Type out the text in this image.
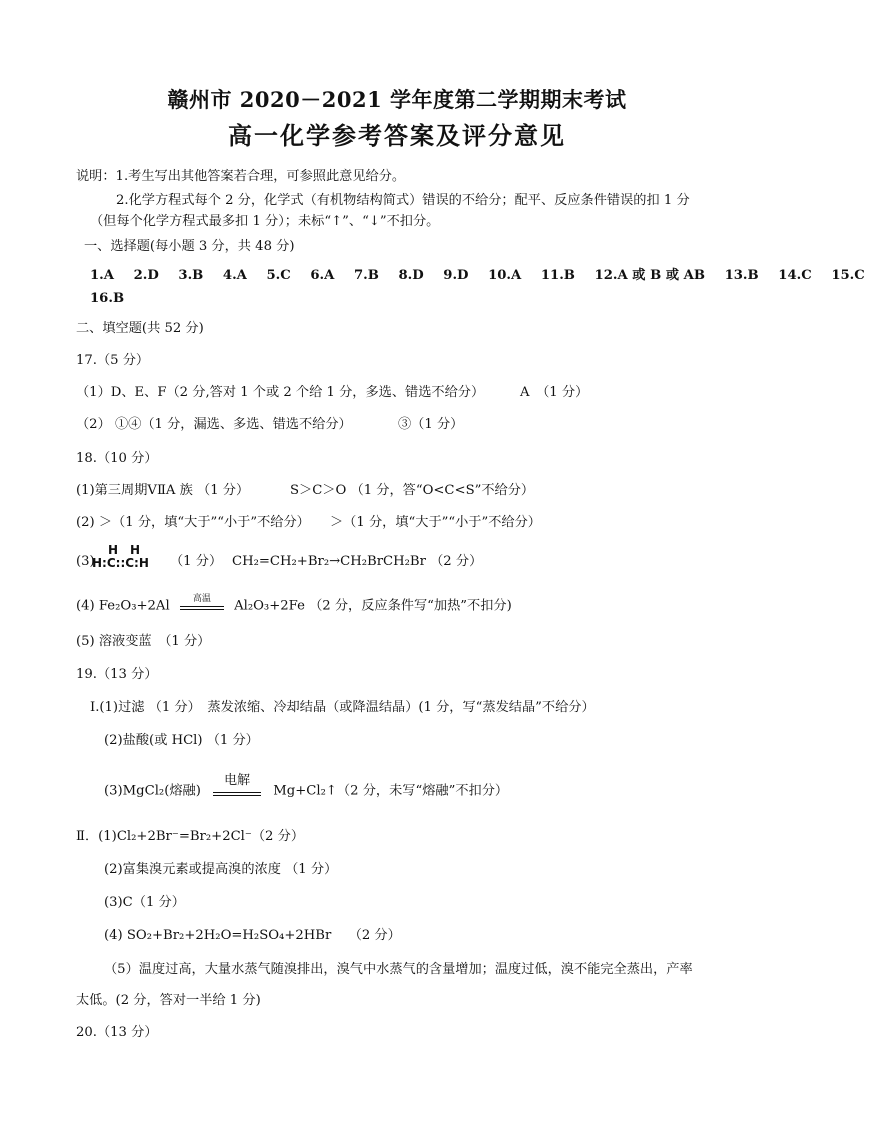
赣州市 2020－2021 学年度第二学期期末考试
高一化学参考答案及评分意见
说明：1.考生写出其他答案若合理，可参照此意见给分。
2.化学方程式每个 2 分，化学式（有机物结构简式）错误的不给分；配平、反应条件错误的扣 1 分
（但每个化学方程式最多扣 1 分）；未标“↑”、“↓”不扣分。
一、选择题(每小题 3 分，共 48 分)
1.A 2.D 3.B 4.A 5.C 6.A 7.B 8.D 9.D 10.A 11.B 12.A 或 B 或 AB 13.B 14.C 15.C
16.B
二、填空题(共 52 分)
17.（5 分）
（1）D、E、F（2 分,答对 1 个或 2 个给 1 分，多选、错选不给分）	A　（1 分）
（2） ①④（1 分，漏选、多选、错选不给分）	③（1 分）
18.（10 分）
(1)第三周期ⅤⅡA 族 （1 分）	S＞C＞O （1 分，答“O<C<S”不给分）
(2) ＞（1 分，填“大于”“小于”不给分） ＞（1 分，填“大于”“小于”不给分）
(3)
H　H
H:C::C:H （1 分） CH₂=CH₂+Br₂→CH₂BrCH₂Br （2 分）
(4) Fe₂O₃+2Al	高温	Al₂O₃+2Fe （2 分，反应条件写“加热”不扣分)
(5) 溶液变蓝　（1 分）
19.（13 分）
Ⅰ.(1)过滤 （1 分）　蒸发浓缩、冷却结晶（或降温结晶）(1 分，写“蒸发结晶”不给分）
(2)盐酸(或 HCl) （1 分）
(3)MgCl₂(熔融)
电解
Mg+Cl₂↑（2 分，未写“熔融”不扣分）
Ⅱ．(1)Cl₂+2Br⁻=Br₂+2Cl⁻（2 分）
(2)富集溴元素或提高溴的浓度 （1 分）
(3)C（1 分）
(4) SO₂+Br₂+2H₂O=H₂SO₄+2HBr　 （2 分）
（5）温度过高，大量水蒸气随溴排出，溴气中水蒸气的含量增加；温度过低，溴不能完全蒸出，产率
太低。(2 分，答对一半给 1 分)
20.（13 分）
